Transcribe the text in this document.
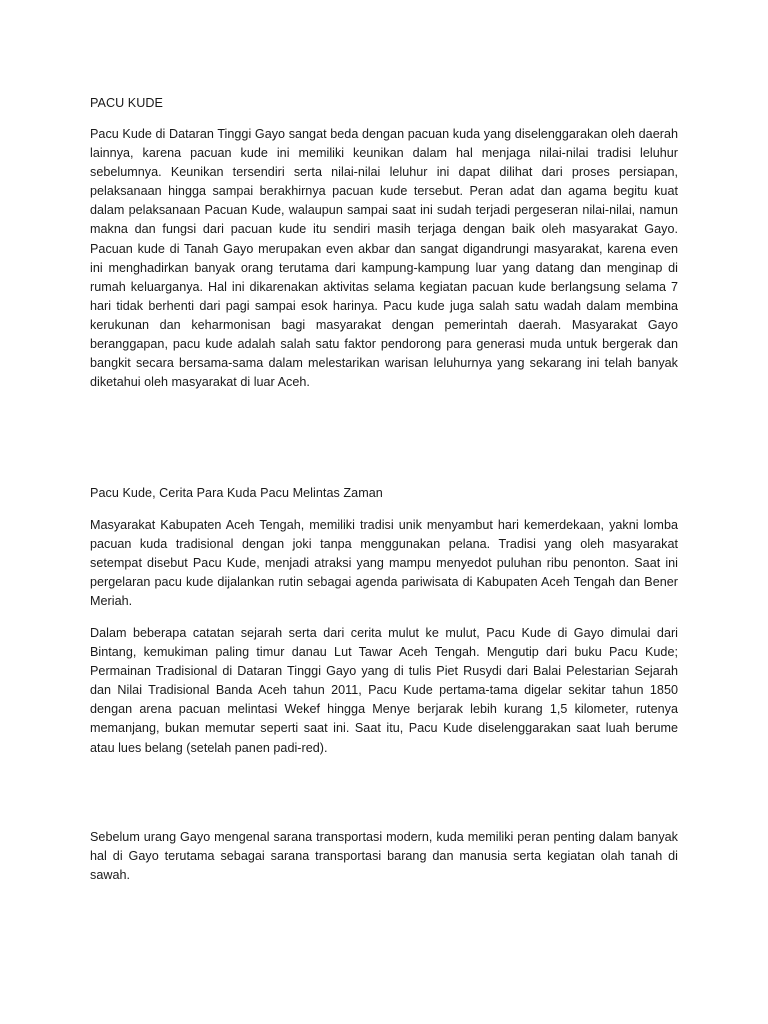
PACU KUDE

Pacu Kude di Dataran Tinggi Gayo sangat beda dengan pacuan kuda yang diselenggarakan oleh daerah lainnya, karena pacuan kude ini memiliki keunikan dalam hal menjaga nilai-nilai tradisi leluhur sebelumnya. Keunikan tersendiri serta nilai-nilai leluhur ini dapat dilihat dari proses persiapan, pelaksanaan hingga sampai berakhirnya pacuan kude tersebut. Peran adat dan agama begitu kuat dalam pelaksanaan Pacuan Kude, walaupun sampai saat ini sudah terjadi pergeseran nilai-nilai, namun makna dan fungsi dari pacuan kude itu sendiri masih terjaga dengan baik oleh masyarakat Gayo. Pacuan kude di Tanah Gayo merupakan even akbar dan sangat digandrungi masyarakat, karena even ini menghadirkan banyak orang terutama dari kampung-kampung luar yang datang dan menginap di rumah keluarganya. Hal ini dikarenakan aktivitas selama kegiatan pacuan kude berlangsung selama 7 hari tidak berhenti dari pagi sampai esok harinya. Pacu kude juga salah satu wadah dalam membina kerukunan dan keharmonisan bagi masyarakat dengan pemerintah daerah. Masyarakat Gayo beranggapan, pacu kude adalah salah satu faktor pendorong para generasi muda untuk bergerak dan bangkit secara bersama-sama dalam melestarikan warisan leluhurnya yang sekarang ini telah banyak diketahui oleh masyarakat di luar Aceh.

Pacu Kude, Cerita Para Kuda Pacu Melintas Zaman

Masyarakat Kabupaten Aceh Tengah, memiliki tradisi unik menyambut hari kemerdekaan, yakni lomba pacuan kuda tradisional dengan joki tanpa menggunakan pelana. Tradisi yang oleh masyarakat setempat disebut Pacu Kude, menjadi atraksi yang mampu menyedot puluhan ribu penonton. Saat ini pergelaran pacu kude dijalankan rutin sebagai agenda pariwisata di Kabupaten Aceh Tengah dan Bener Meriah.

Dalam beberapa catatan sejarah serta dari cerita mulut ke mulut, Pacu Kude di Gayo dimulai dari Bintang, kemukiman paling timur danau Lut Tawar Aceh Tengah. Mengutip dari buku Pacu Kude; Permainan Tradisional di Dataran Tinggi Gayo yang di tulis Piet Rusydi dari Balai Pelestarian Sejarah dan Nilai Tradisional Banda Aceh tahun 2011, Pacu Kude pertama-tama digelar sekitar tahun 1850 dengan arena pacuan melintasi Wekef hingga Menye berjarak lebih kurang 1,5 kilometer, rutenya memanjang, bukan memutar seperti saat ini. Saat itu, Pacu Kude diselenggarakan saat luah berume atau lues belang (setelah panen padi-red).

Sebelum urang Gayo mengenal sarana transportasi modern, kuda memiliki peran penting dalam banyak hal di Gayo terutama sebagai sarana transportasi barang dan manusia serta kegiatan olah tanah di sawah.
